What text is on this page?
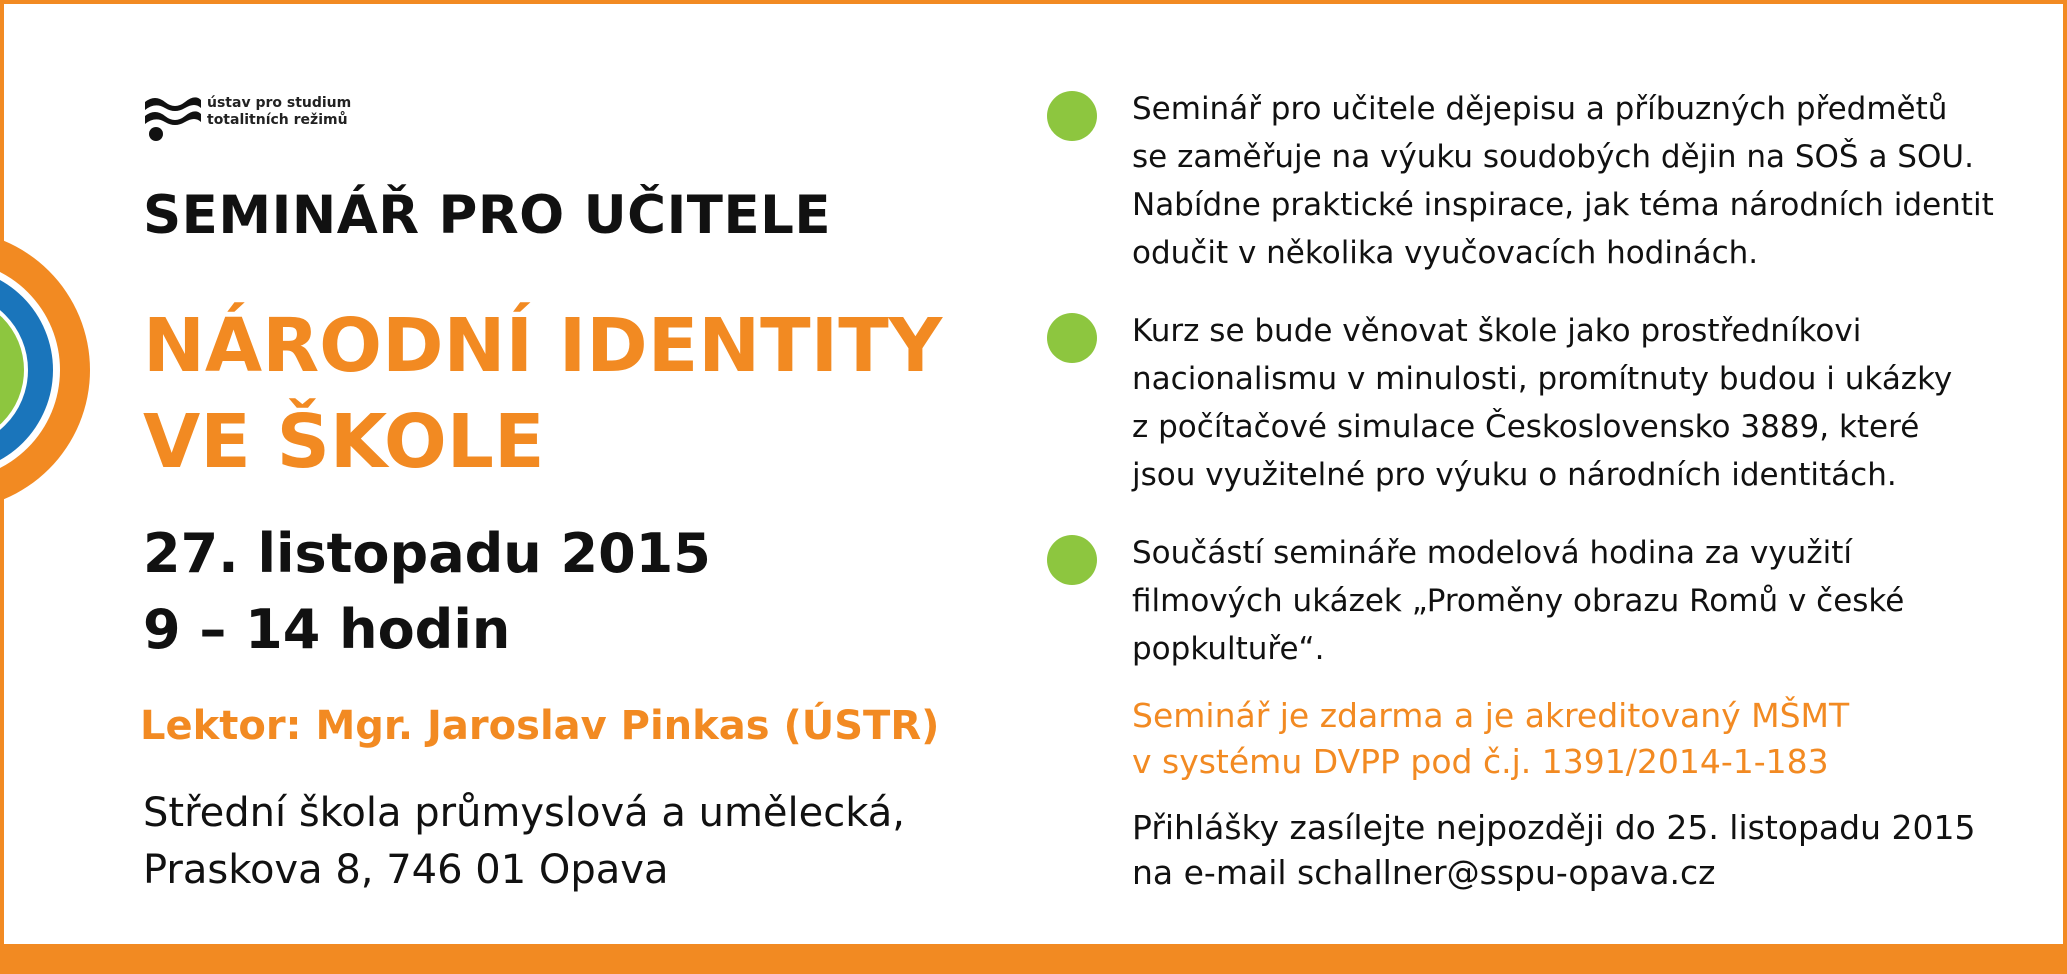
ústav pro studium
totalitních režimů
SEMINÁŘ PRO UČITELE
NÁRODNÍ IDENTITY
VE ŠKOLE
27. listopadu 2015
9 – 14 hodin
Lektor: Mgr. Jaroslav Pinkas (ÚSTR)
Střední škola průmyslová a umělecká,
Praskova 8, 746 01 Opava
Seminář pro učitele dějepisu a příbuzných předmětů
se zaměřuje na výuku soudobých dějin na SOŠ a SOU.
Nabídne praktické inspirace, jak téma národních identit
odučit v několika vyučovacích hodinách.
Kurz se bude věnovat škole jako prostředníkovi
nacionalismu v minulosti, promítnuty budou i ukázky
z počítačové simulace Československo 3889, které
jsou využitelné pro výuku o národních identitách.
Součástí semináře modelová hodina za využití
filmových ukázek „Proměny obrazu Romů v české
popkultuře“.
Seminář je zdarma a je akreditovaný MŠMT
v systému DVPP pod č.j. 1391/2014-1-183
Přihlášky zasílejte nejpozději do 25. listopadu 2015
na e-mail schallner@sspu-opava.cz
